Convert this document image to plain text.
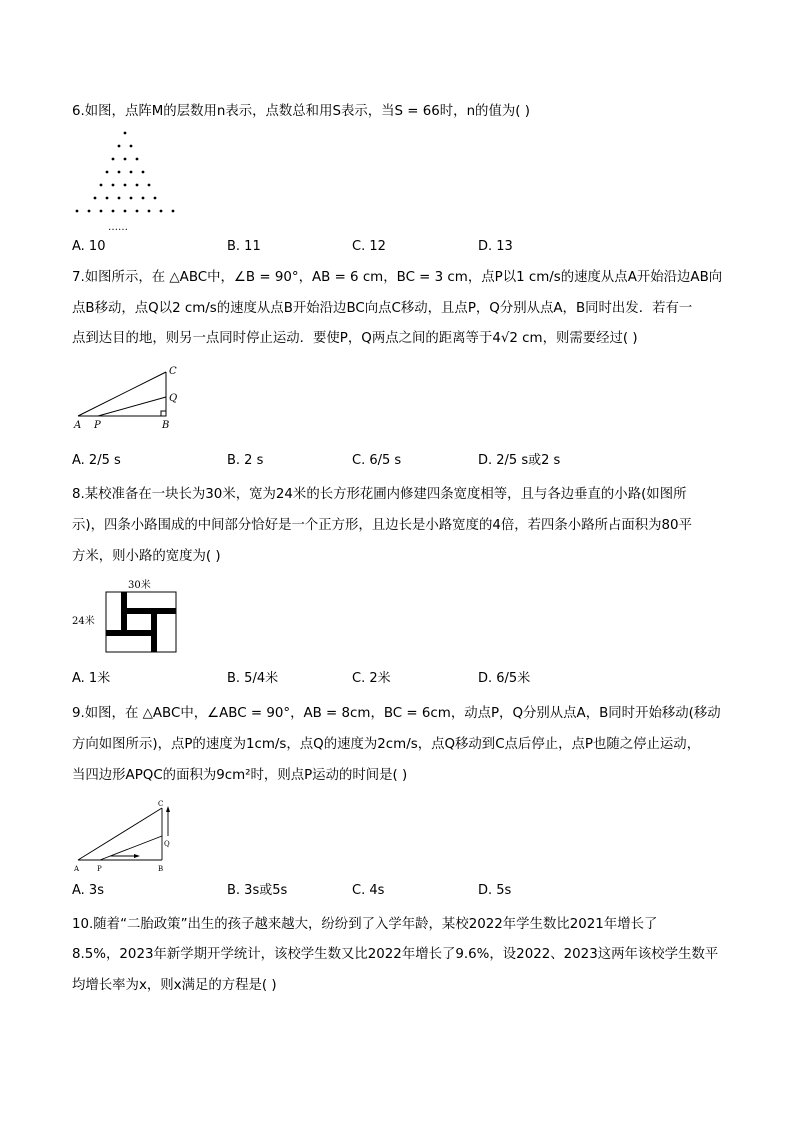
6.如图，点阵M的层数用n表示，点数总和用S表示，当S = 66时，n的值为( )
……
A. 10	B. 11	C. 12	D. 13
7.如图所示，在 △ABC中，∠B = 90°，AB = 6 cm，BC = 3 cm，点P以1 cm/s的速度从点A开始沿边AB向
点B移动，点Q以2 cm/s的速度从点B开始沿边BC向点C移动，且点P，Q分别从点A，B同时出发．若有一
点到达目的地，则另一点同时停止运动．要使P，Q两点之间的距离等于4√2 cm，则需要经过( )
A P	B
C
Q
A. 2/5 s	B. 2 s	C. 6/5 s	D. 2/5 s或2 s
8.某校准备在一块长为30米，宽为24米的长方形花圃内修建四条宽度相等，且与各边垂直的小路(如图所
示)，四条小路围成的中间部分恰好是一个正方形，且边长是小路宽度的4倍，若四条小路所占面积为80平
方米，则小路的宽度为( )
30米
24米
A. 1米	B. 5/4米	C. 2米	D. 6/5米
9.如图，在 △ABC中，∠ABC = 90°，AB = 8cm，BC = 6cm，动点P，Q分别从点A，B同时开始移动(移动
方向如图所示)，点P的速度为1cm/s，点Q的速度为2cm/s，点Q移动到C点后停止，点P也随之停止运动，
当四边形APQC的面积为9cm²时，则点P运动的时间是( )
A	P	B
C
Q
A. 3s	B. 3s或5s	C. 4s	D. 5s
10.随着“二胎政策”出生的孩子越来越大，纷纷到了入学年龄，某校2022年学生数比2021年增长了
8.5%，2023年新学期开学统计，该校学生数又比2022年增长了9.6%，设2022、2023这两年该校学生数平
均增长率为x，则x满足的方程是( )
